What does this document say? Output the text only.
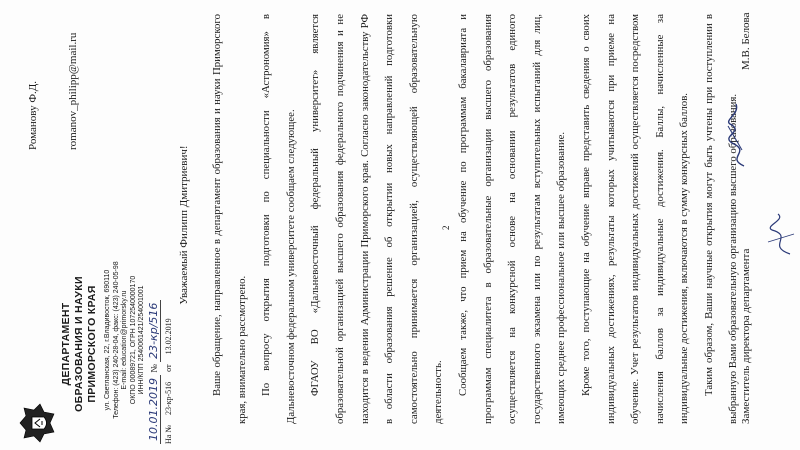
ДЕПАРТАМЕНТ ОБРАЗОВАНИЯ И НАУКИ ПРИМОРСКОГО КРАЯ ул. Светланская, 22, г.Владивосток, 690110 Телефон: (423) 240-28-04, факс: (423) 240-05-98 E-mail: education@primorsky.ru ОКПО 00089721, ОГРН 1072540000170 ИНН/КПП 2540061421/254001001
10.01.2019 № 23-кр/516
На № 23-кр-516 от 13.02.2019
Романову Ф.Д.	romanov_philipp@mail.ru
Уважаемый Филипп Дмитриевич!	Ваше обращение, направленное в департамент образования и науки Приморского края, внимательно рассмотрено.	По вопросу открытия подготовки по специальности «Астрономия» в Дальневосточном федеральном университете сообщаем следующее.	ФГАОУ ВО «Дальневосточный федеральный университет» является образовательной организацией высшего образования федерального подчинения и не находится в ведении Администрации Приморского края. Согласно законодательству РФ в области образования решение об открытии новых направлений подготовки самостоятельно принимается организацией, осуществляющей образовательную деятельность.	Сообщаем также, что прием на обучение по программам бакалавриата и программам специалитета в образовательные организации высшего образования осуществляется на конкурсной основе на основании результатов единого государственного экзамена или по результатам вступительных испытаний для лиц, имеющих среднее профессиональное или высшее образование.	Кроме того, поступающие на обучение вправе представить сведения о своих индивидуальных достижениях, результаты которых учитываются при приеме на обучение. Учет результатов индивидуальных достижений осуществляется посредством начисления баллов за индивидуальные достижения. Баллы, начисленные за индивидуальные достижения, включаются в сумму конкурсных баллов.	Таким образом, Ваши научные открытия могут быть учтены при поступлении в выбранную Вами образовательную организацию высшего образования.

2
Заместитель директора департамента
М.В. Белова
